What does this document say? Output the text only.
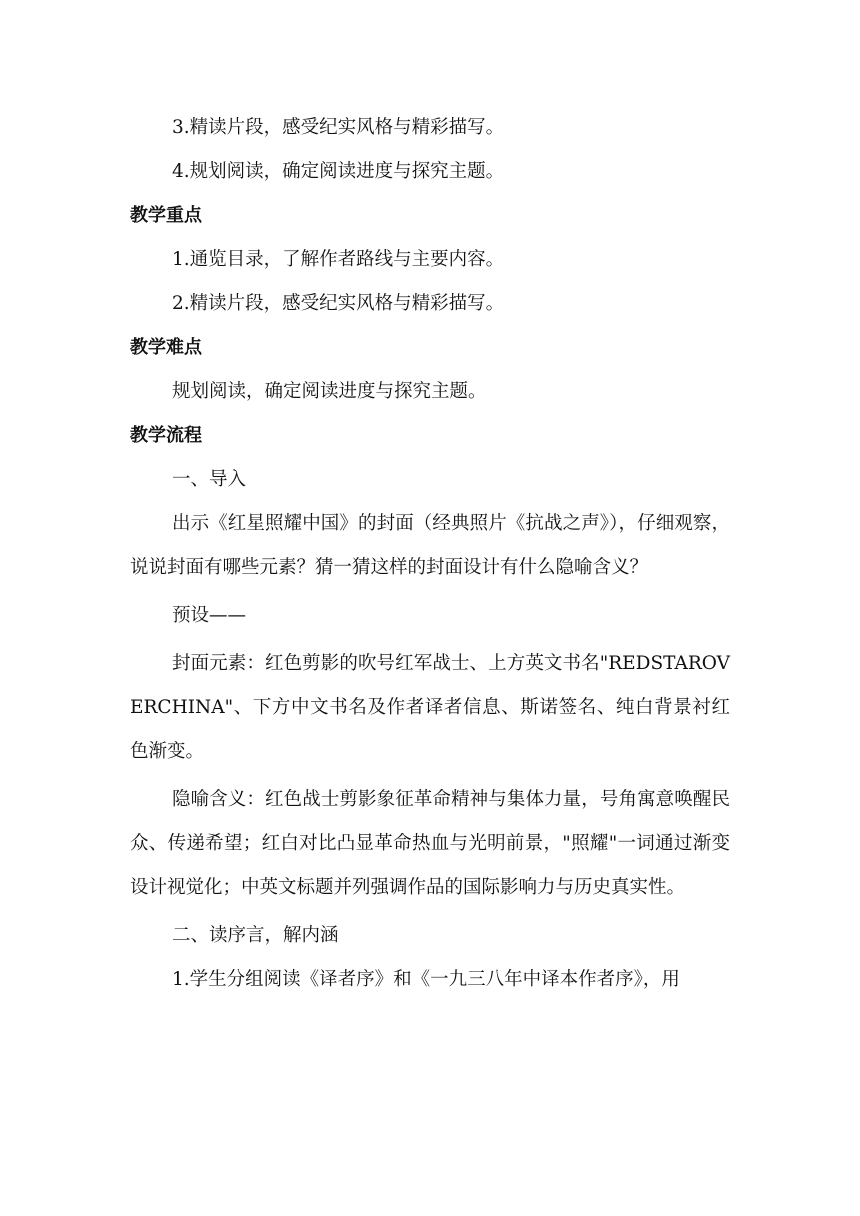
3.精读片段，感受纪实风格与精彩描写。
4.规划阅读，确定阅读进度与探究主题。
教学重点
1.通览目录，了解作者路线与主要内容。
2.精读片段，感受纪实风格与精彩描写。
教学难点
规划阅读，确定阅读进度与探究主题。
教学流程
一、导入
出示《红星照耀中国》的封面（经典照片《抗战之声》），仔细观察，说说封面有哪些元素？猜一猜这样的封面设计有什么隐喻含义？
预设——
封面元素：红色剪影的吹号红军战士、上方英文书名"REDSTAROVERCHINA"、下方中文书名及作者译者信息、斯诺签名、纯白背景衬红色渐变。
隐喻含义：红色战士剪影象征革命精神与集体力量，号角寓意唤醒民众、传递希望；红白对比凸显革命热血与光明前景，"照耀"一词通过渐变设计视觉化；中英文标题并列强调作品的国际影响力与历史真实性。
二、读序言，解内涵
1.学生分组阅读《译者序》和《一九三八年中译本作者序》，用
